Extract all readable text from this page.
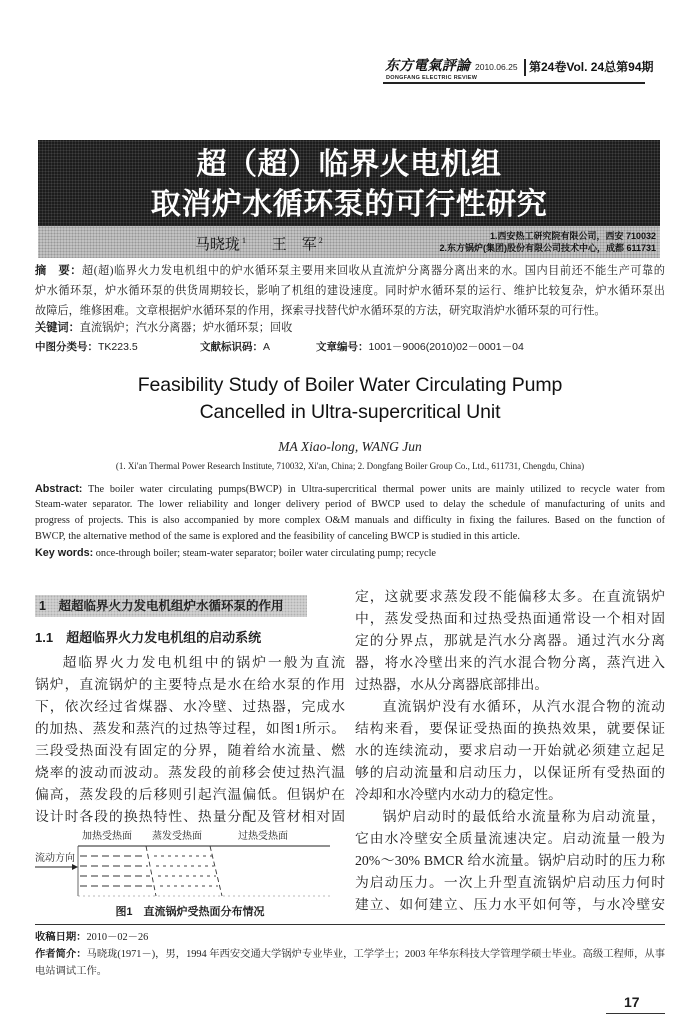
东方電氣評論
DONGFANG ELECTRIC REVIEW
2010.06.25 第24卷Vol. 24总第94期
超（超）临界火电机组
取消炉水循环泵的可行性研究
马晓珑 $^1$ 王　军 $^2$	1.西安热工研究院有限公司，西安 710032
2.东方锅炉(集团)股份有限公司技术中心，成都 611731
摘　要：超(超)临界火力发电机组中的炉水循环泵主要用来回收从直流炉分离器分离出来的水。国内目前还不能生产可靠的
炉水循环泵，炉水循环泵的供货周期较长，影响了机组的建设速度。同时炉水循环泵的运行、维护比较复杂，炉水循环泵出
故障后，维修困难。文章根据炉水循环泵的作用，探索寻找替代炉水循环泵的方法，研究取消炉水循环泵的可行性。
关键词：直流锅炉；汽水分离器；炉水循环泵；回收
中图分类号：TK223.5	文献标识码：A	文章编号：1001－9006(2010)02－0001－04
Feasibility Study of Boiler Water Circulating Pump
Cancelled in Ultra-supercritical Unit
MA Xiao-long, WANG Jun
(1. Xi'an Thermal Power Research Institute, 710032, Xi'an, China; 2. Dongfang Boiler Group Co., Ltd., 611731, Chengdu, China)
Abstract: The boiler water circulating pumps(BWCP) in Ultra-supercritical thermal power units are mainly utilized to recycle water from
Steam-water separator. The lower reliability and longer delivery period of BWCP used to delay the schedule of manufacturing of units and
progress of projects. This is also accompanied by more complex O&M manuals and difficulty in fixing the failures. Based on the function of
BWCP, the alternative method of the same is explored and the feasibility of canceling BWCP is studied in this article.
Key words: once-through boiler; steam-water separator; boiler water circulating pump; recycle
1　超超临界火力发电机组炉水循环泵的作用
1.1　超超临界火力发电机组的启动系统
超临界火力发电机组中的锅炉一般为直流
锅炉，直流锅炉的主要特点是水在给水泵的作用
下，依次经过省煤器、水冷壁、过热器，完成水
的加热、蒸发和蒸汽的过热等过程，如图1所示。
三段受热面没有固定的分界，随着给水流量、燃
烧率的波动而波动。蒸发段的前移会使过热汽温
偏高，蒸发段的后移则引起汽温偏低。但锅炉在
设计时各段的换热特性、热量分配及管材相对固
定，这就要求蒸发段不能偏移太多。在直流锅炉
中，蒸发受热面和过热受热面通常设一个相对固
定的分界点，那就是汽水分离器。通过汽水分离
器，将水冷壁出来的汽水混合物分离，蒸汽进入
过热器，水从分离器底部排出。
直流锅炉没有水循环，从汽水混合物的流动
结构来看，要保证受热面的换热效果，就要保证
水的连续流动，要求启动一开始就必须建立起足
够的启动流量和启动压力，以保证所有受热面的
冷却和水冷壁内水动力的稳定性。
锅炉启动时的最低给水流量称为启动流量，
它由水冷壁安全质量流速决定。启动流量一般为
20%～30% BMCR 给水流量。锅炉启动时的压力称
为启动压力。一次上升型直流锅炉启动压力何时
建立、如何建立、压力水平如何等，与水冷壁安
加热受热面 蒸发受热面	过热受热面
流动方向
图1　直流锅炉受热面分布情况
收稿日期：2010－02－26
作者简介：马晓珑(1971－)，男，1994 年西安交通大学锅炉专业毕业，工学学士；2003 年华东科技大学管理学硕士毕业。高级工程师，从事
电站调试工作。
17
